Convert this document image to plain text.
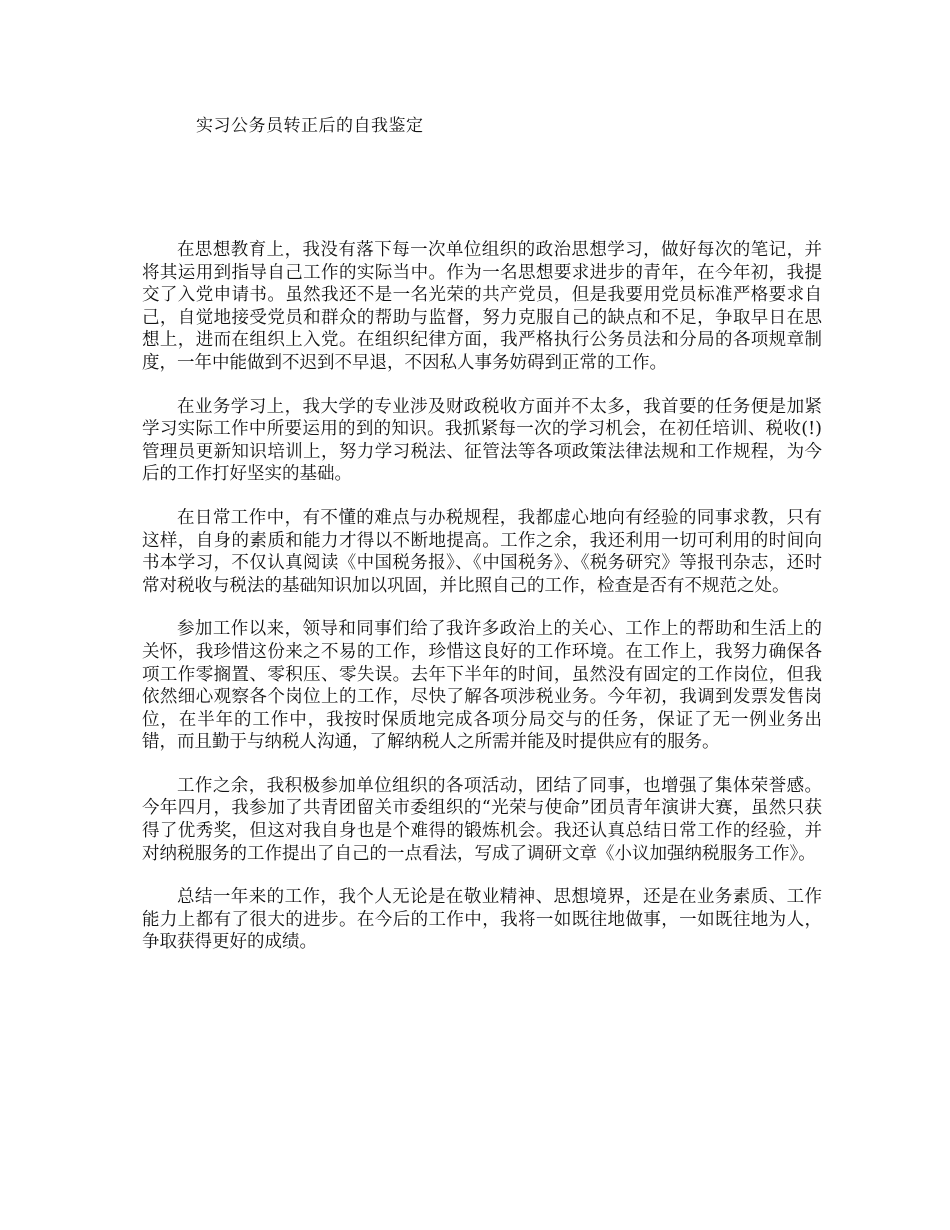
实习公务员转正后的自我鉴定

在思想教育上，我没有落下每一次单位组织的政治思想学习，做好每次的笔记，并将其运用到指导自己工作的实际当中。作为一名思想要求进步的青年，在今年初，我提交了入党申请书。虽然我还不是一名光荣的共产党员，但是我要用党员标准严格要求自己，自觉地接受党员和群众的帮助与监督，努力克服自己的缺点和不足，争取早日在思想上，进而在组织上入党。在组织纪律方面，我严格执行公务员法和分局的各项规章制度，一年中能做到不迟到不早退，不因私人事务妨碍到正常的工作。

在业务学习上，我大学的专业涉及财政税收方面并不太多，我首要的任务便是加紧学习实际工作中所要运用的到的知识。我抓紧每一次的学习机会，在初任培训、税收(!)管理员更新知识培训上，努力学习税法、征管法等各项政策法律法规和工作规程，为今后的工作打好坚实的基础。

在日常工作中，有不懂的难点与办税规程，我都虚心地向有经验的同事求教，只有这样，自身的素质和能力才得以不断地提高。工作之余，我还利用一切可利用的时间向书本学习，不仅认真阅读《中国税务报》、《中国税务》、《税务研究》等报刊杂志，还时常对税收与税法的基础知识加以巩固，并比照自己的工作，检查是否有不规范之处。

参加工作以来，领导和同事们给了我许多政治上的关心、工作上的帮助和生活上的关怀，我珍惜这份来之不易的工作，珍惜这良好的工作环境。在工作上，我努力确保各项工作零搁置、零积压、零失误。去年下半年的时间，虽然没有固定的工作岗位，但我依然细心观察各个岗位上的工作，尽快了解各项涉税业务。今年初，我调到发票发售岗位，在半年的工作中，我按时保质地完成各项分局交与的任务，保证了无一例业务出错，而且勤于与纳税人沟通，了解纳税人之所需并能及时提供应有的服务。

工作之余，我积极参加单位组织的各项活动，团结了同事，也增强了集体荣誉感。今年四月，我参加了共青团留关市委组织的“光荣与使命”团员青年演讲大赛，虽然只获得了优秀奖，但这对我自身也是个难得的锻炼机会。我还认真总结日常工作的经验，并对纳税服务的工作提出了自己的一点看法，写成了调研文章《小议加强纳税服务工作》。

总结一年来的工作，我个人无论是在敬业精神、思想境界，还是在业务素质、工作能力上都有了很大的进步。在今后的工作中，我将一如既往地做事，一如既往地为人，争取获得更好的成绩。
